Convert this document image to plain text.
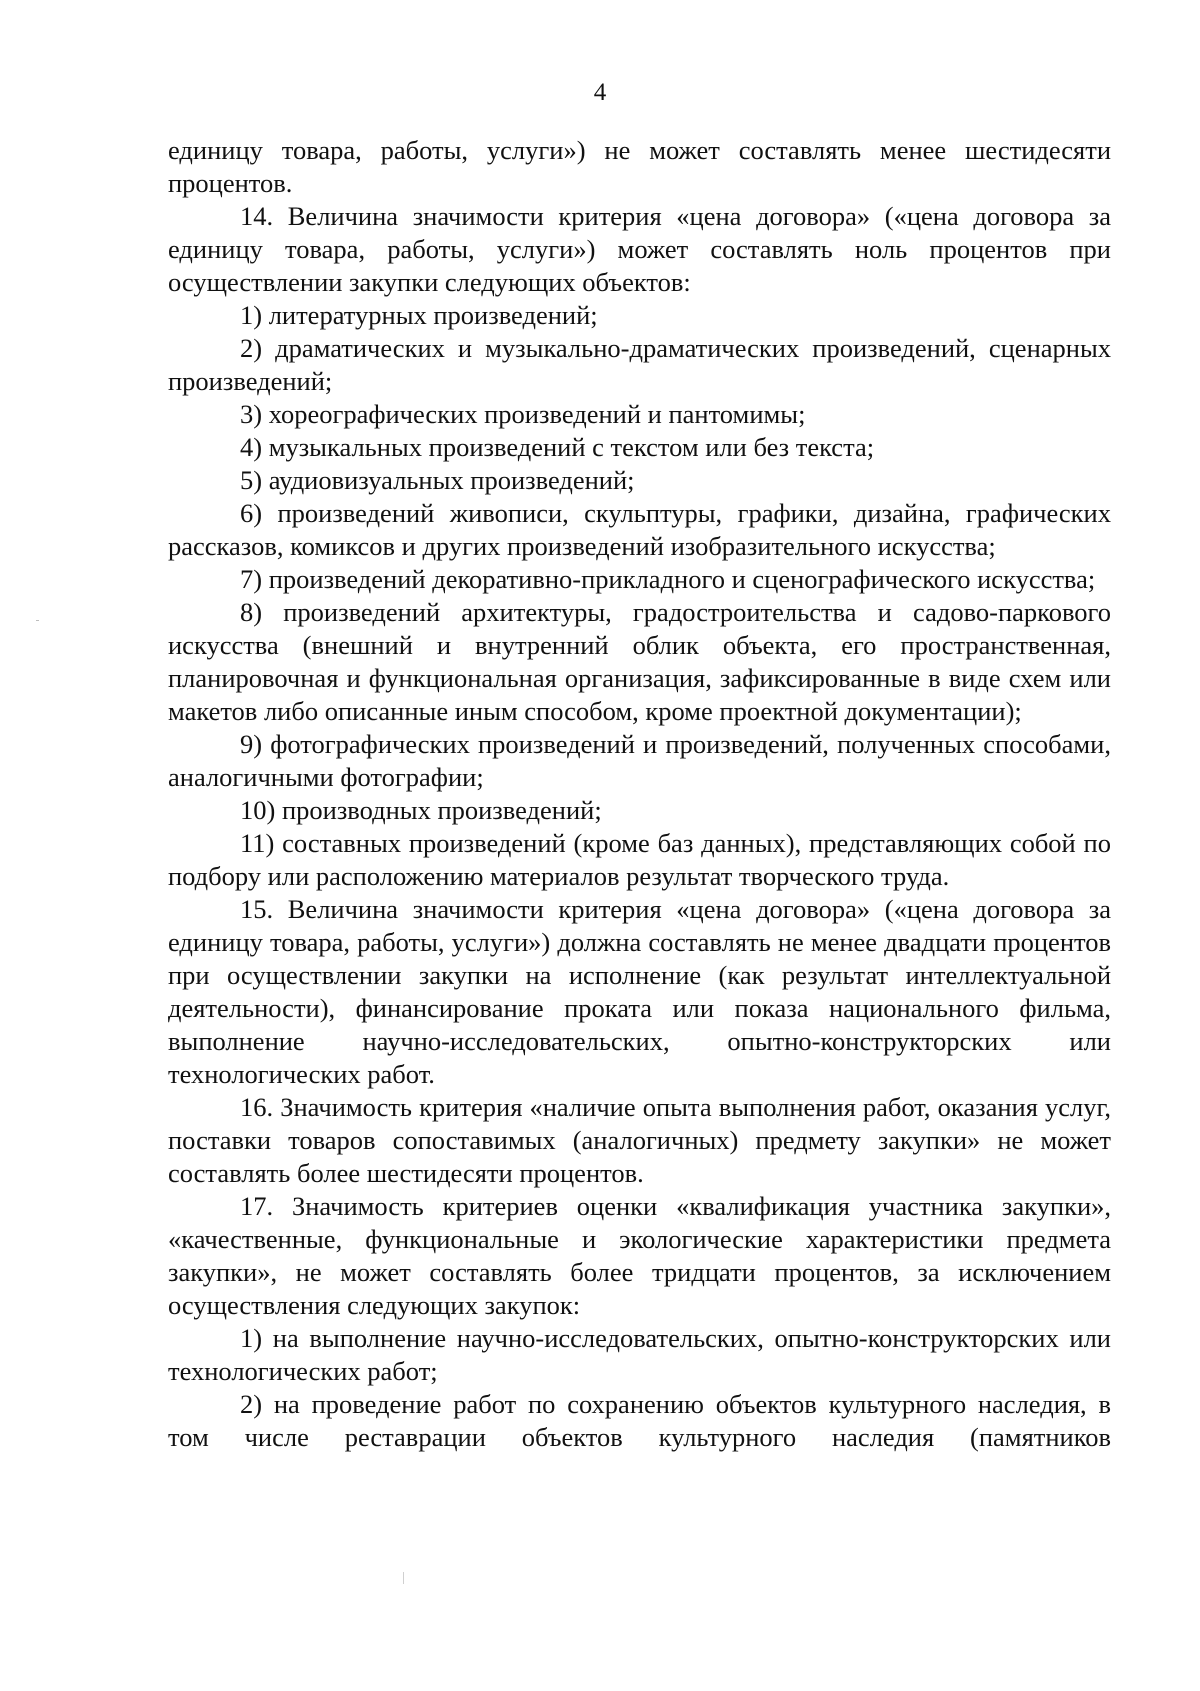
4

единицу товара, работы, услуги») не может составлять менее шестидесяти процентов.

14. Величина значимости критерия «цена договора» («цена договора за единицу товара, работы, услуги») может составлять ноль процентов при осуществлении закупки следующих объектов:

1) литературных произведений;

2) драматических и музыкально-драматических произведений, сценарных произведений;

3) хореографических произведений и пантомимы;

4) музыкальных произведений с текстом или без текста;

5) аудиовизуальных произведений;

6) произведений живописи, скульптуры, графики, дизайна, графических рассказов, комиксов и других произведений изобразительного искусства;

7) произведений декоративно-прикладного и сценографического искусства;

8) произведений архитектуры, градостроительства и садово-паркового искусства (внешний и внутренний облик объекта, его пространственная, планировочная и функциональная организация, зафиксированные в виде схем или макетов либо описанные иным способом, кроме проектной документации);

9) фотографических произведений и произведений, полученных способами, аналогичными фотографии;

10) производных произведений;

11) составных произведений (кроме баз данных), представляющих собой по подбору или расположению материалов результат творческого труда.

15. Величина значимости критерия «цена договора» («цена договора за единицу товара, работы, услуги») должна составлять не менее двадцати процентов при осуществлении закупки на исполнение (как результат интеллектуальной деятельности), финансирование проката или показа национального фильма, выполнение научно-исследовательских, опытно-конструкторских или технологических работ.

16. Значимость критерия «наличие опыта выполнения работ, оказания услуг, поставки товаров сопоставимых (аналогичных) предмету закупки» не может составлять более шестидесяти процентов.

17. Значимость критериев оценки «квалификация участника закупки», «качественные, функциональные и экологические характеристики предмета закупки», не может составлять более тридцати процентов, за исключением осуществления следующих закупок:

1) на выполнение научно-исследовательских, опытно-конструкторских или технологических работ;

2) на проведение работ по сохранению объектов культурного наследия, в том числе реставрации объектов культурного наследия (памятников
